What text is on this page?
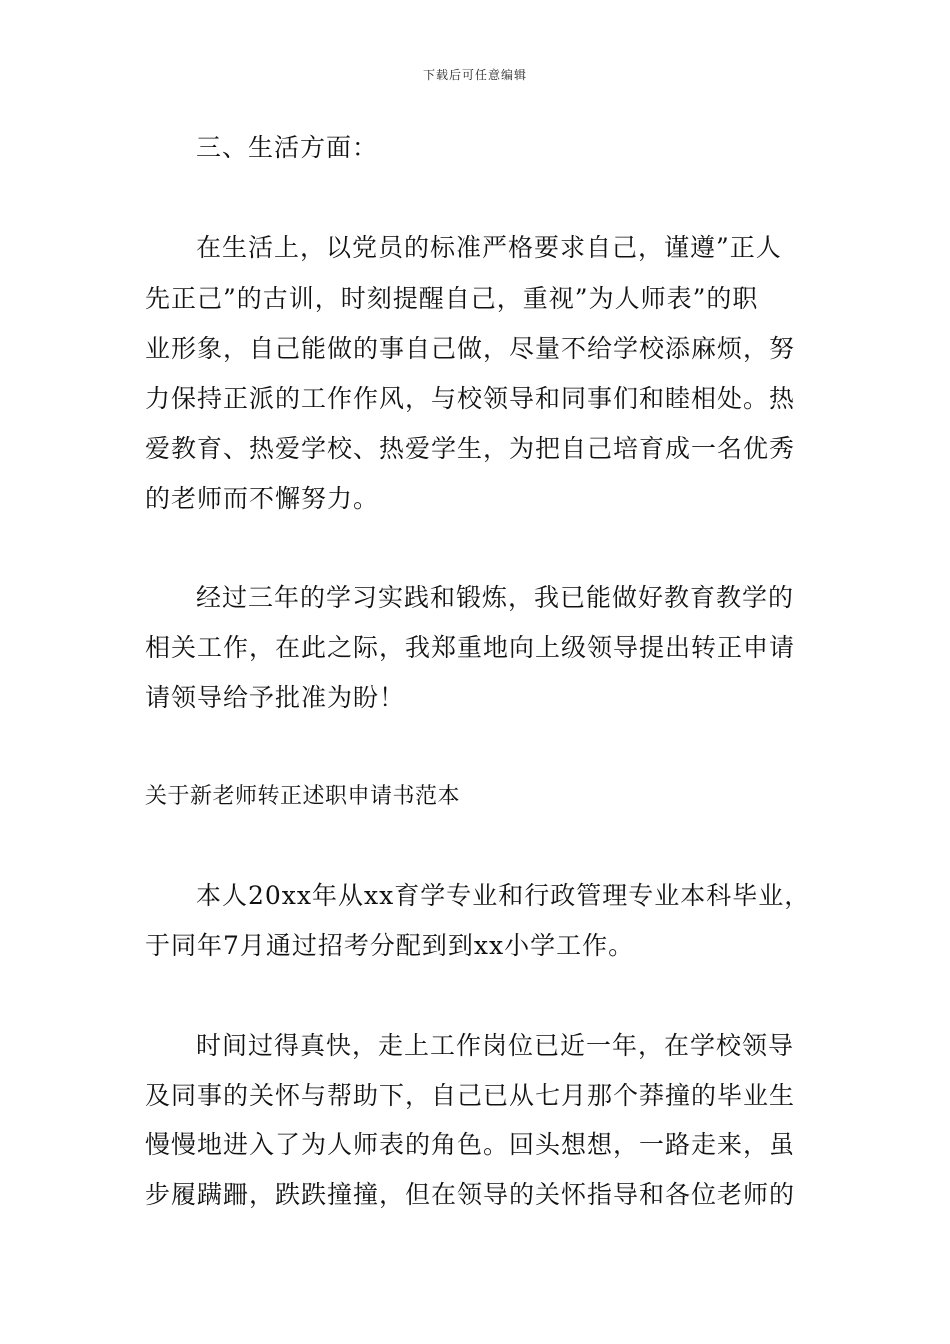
下载后可任意编辑
三、生活方面：
在生活上，以党员的标准严格要求自己，谨遵”正人
先正己”的古训，时刻提醒自己，重视”为人师表”的职
业形象，自己能做的事自己做，尽量不给学校添麻烦，努
力保持正派的工作作风，与校领导和同事们和睦相处。热
爱教育、热爱学校、热爱学生，为把自己培育成一名优秀
的老师而不懈努力。
经过三年的学习实践和锻炼，我已能做好教育教学的
相关工作，在此之际，我郑重地向上级领导提出转正申请
请领导给予批准为盼！
关于新老师转正述职申请书范本
本人20xx年从xx育学专业和行政管理专业本科毕业，
于同年7月通过招考分配到到xx小学工作。
时间过得真快，走上工作岗位已近一年，在学校领导
及同事的关怀与帮助下，自己已从七月那个莽撞的毕业生
慢慢地进入了为人师表的角色。回头想想，一路走来，虽
步履蹒跚，跌跌撞撞，但在领导的关怀指导和各位老师的
